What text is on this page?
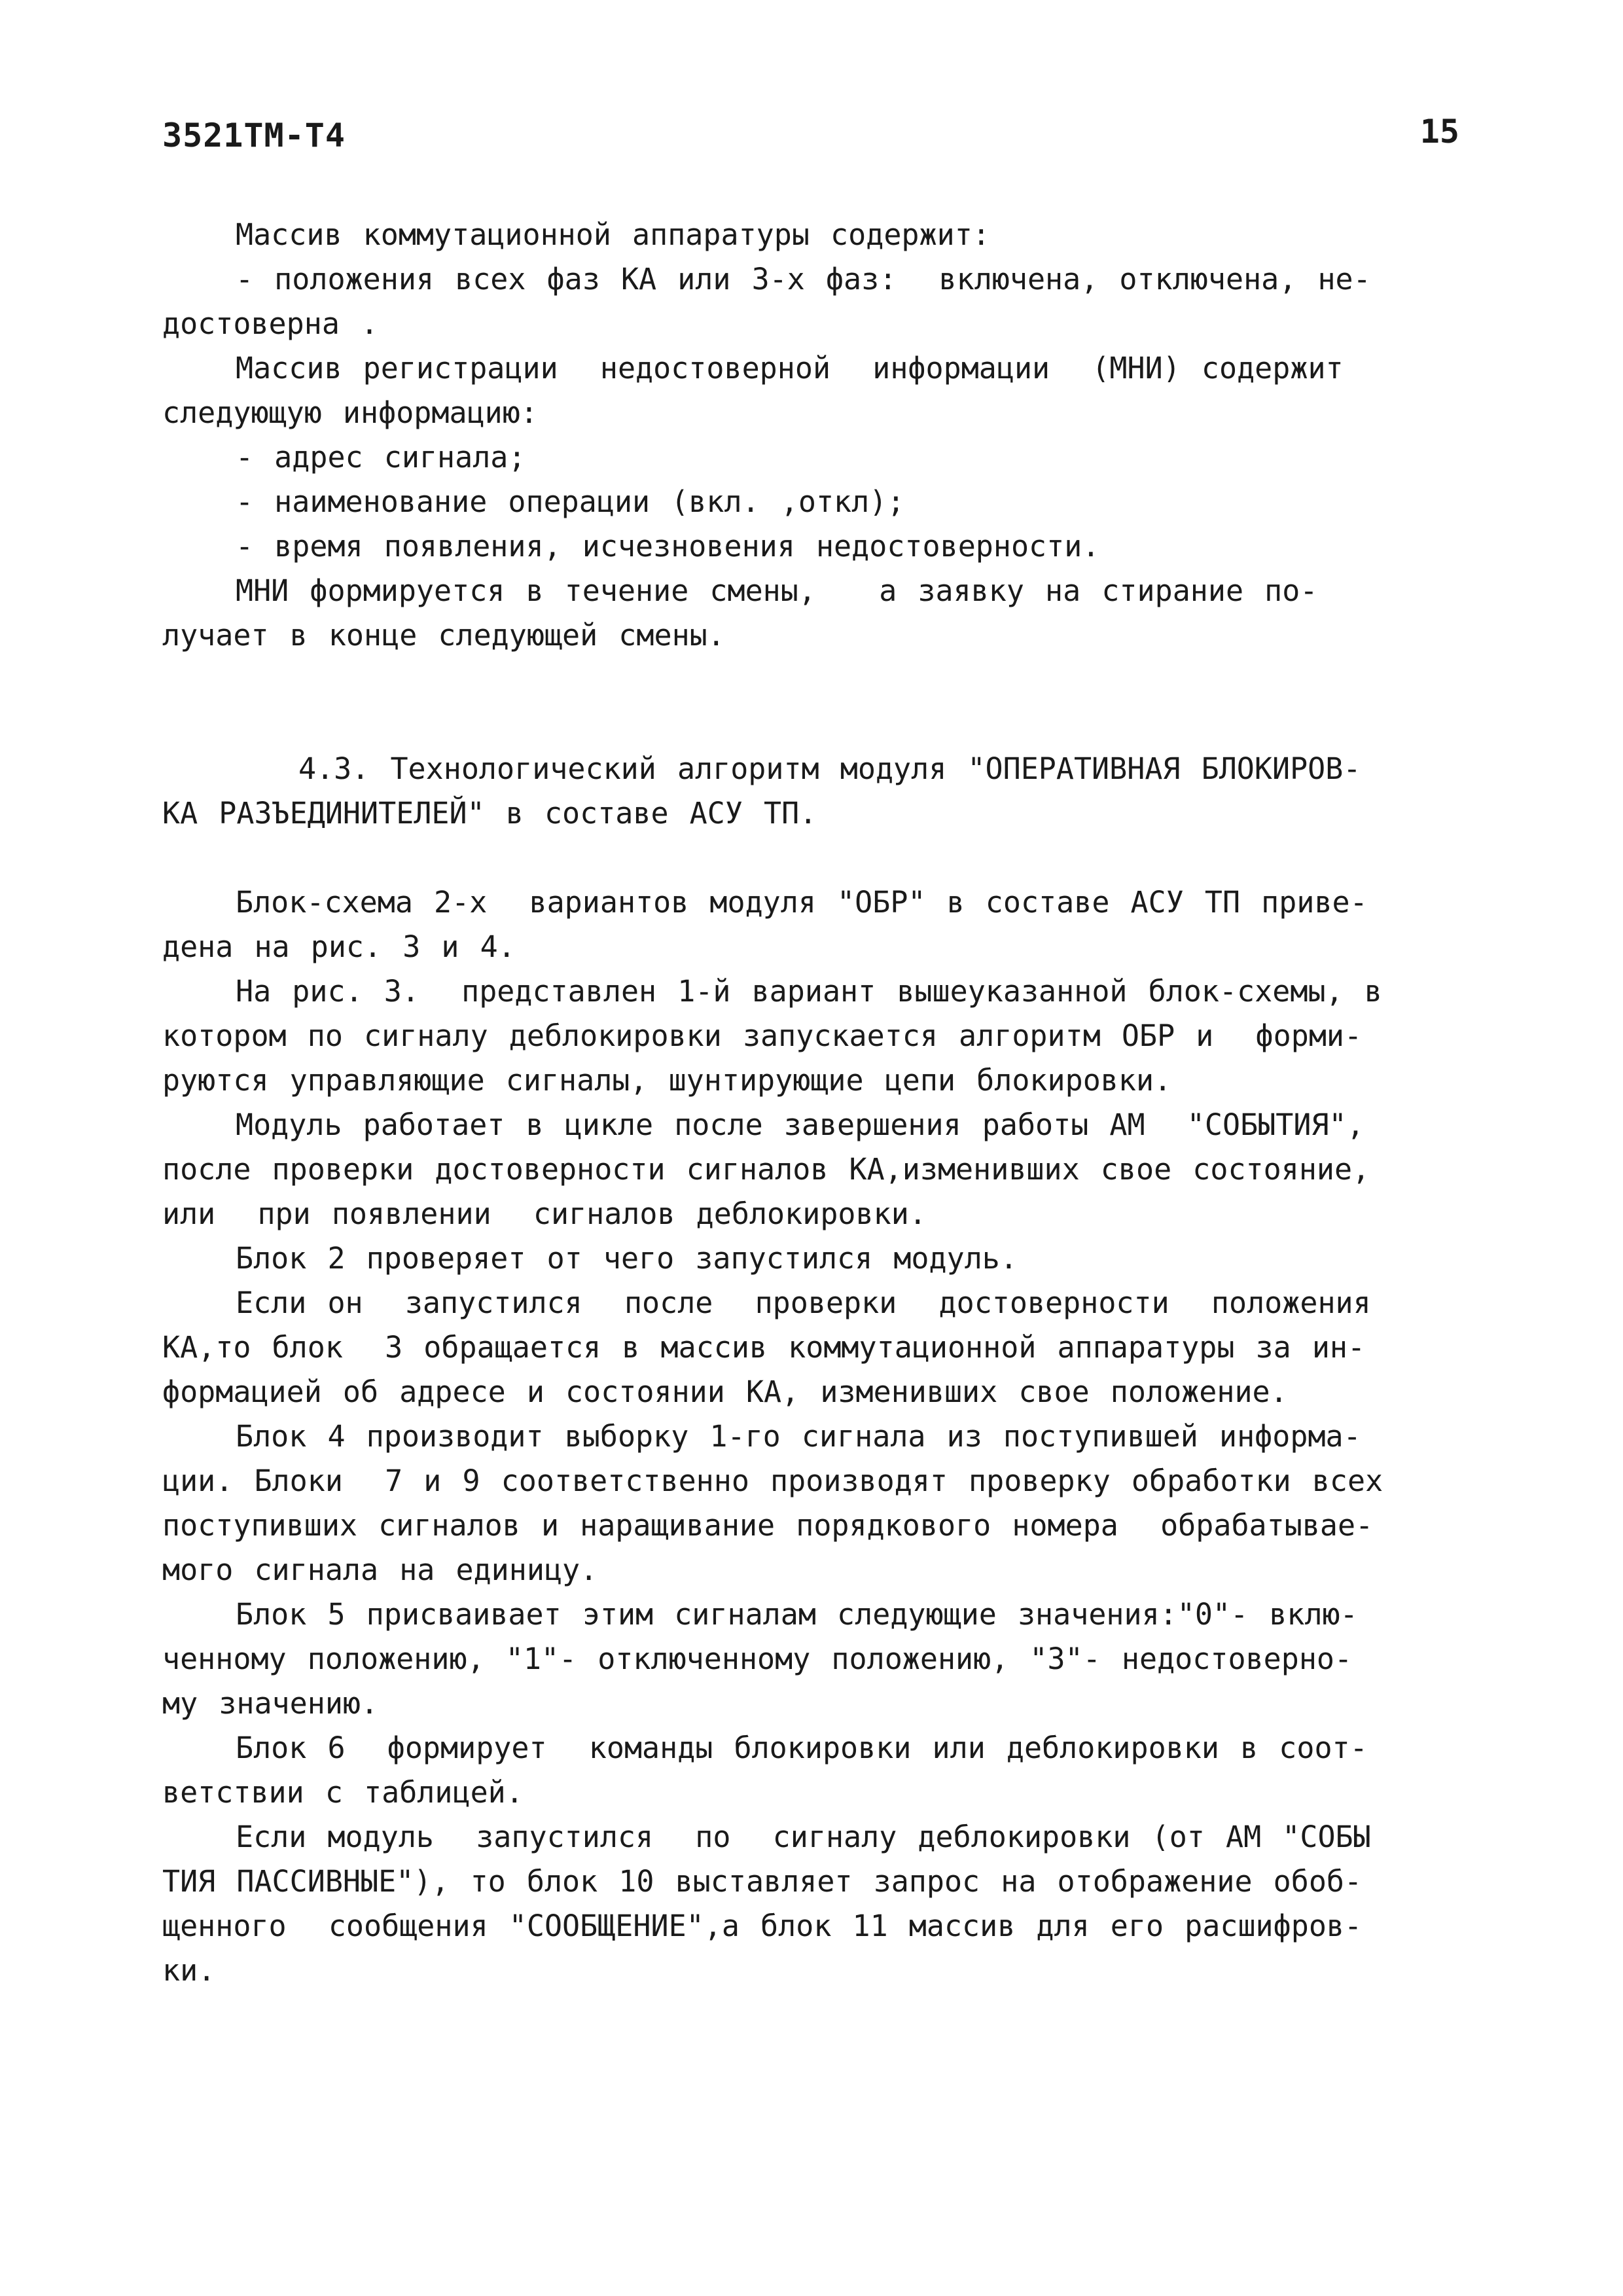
3521ТМ-Т4	15
Массив коммутационной аппаратуры содержит:
- положения всех фаз КА или 3-х фаз:  включена, отключена, не-
достоверна .
Массив регистрации  недостоверной  информации  (МНИ) содержит
следующую информацию:
- адрес сигнала;
- наименование операции (вкл. ,откл);
- время появления, исчезновения недостоверности.
МНИ формируется в течение смены,   а заявку на стирание по-
лучает в конце следующей смены.
4.3. Технологический алгоритм модуля "ОПЕРАТИВНАЯ БЛОКИРОВ-
КА РАЗЪЕДИНИТЕЛЕЙ" в составе АСУ ТП.
Блок-схема 2-х  вариантов модуля "ОБР" в составе АСУ ТП приве-
дена на рис. 3 и 4.
На рис. 3.  представлен 1-й вариант вышеуказанной блок-схемы, в
котором по сигналу деблокировки запускается алгоритм ОБР и  форми-
руются управляющие сигналы, шунтирующие цепи блокировки.
Модуль работает в цикле после завершения работы АМ  "СОБЫТИЯ",
после проверки достоверности сигналов КА,изменивших свое состояние,
или  при появлении  сигналов деблокировки.
Блок 2 проверяет от чего запустился модуль.
Если он  запустился  после  проверки  достоверности  положения
КА,то блок  3 обращается в массив коммутационной аппаратуры за ин-
формацией об адресе и состоянии КА, изменивших свое положение.
Блок 4 производит выборку 1-го сигнала из поступившей информа-
ции. Блоки  7 и 9 соответственно производят проверку обработки всех
поступивших сигналов и наращивание порядкового номера  обрабатывае-
мого сигнала на единицу.
Блок 5 присваивает этим сигналам следующие значения:"0"- вклю-
ченному положению, "1"- отключенному положению, "3"- недостоверно-
му значению.
Блок 6  формирует  команды блокировки или деблокировки в соот-
ветствии с таблицей.
Если модуль  запустился  по  сигналу деблокировки (от АМ "СОБЫ
ТИЯ ПАССИВНЫЕ"), то блок 10 выставляет запрос на отображение обоб-
щенного  сообщения "СООБЩЕНИЕ",а блок 11 массив для его расшифров-
ки.
